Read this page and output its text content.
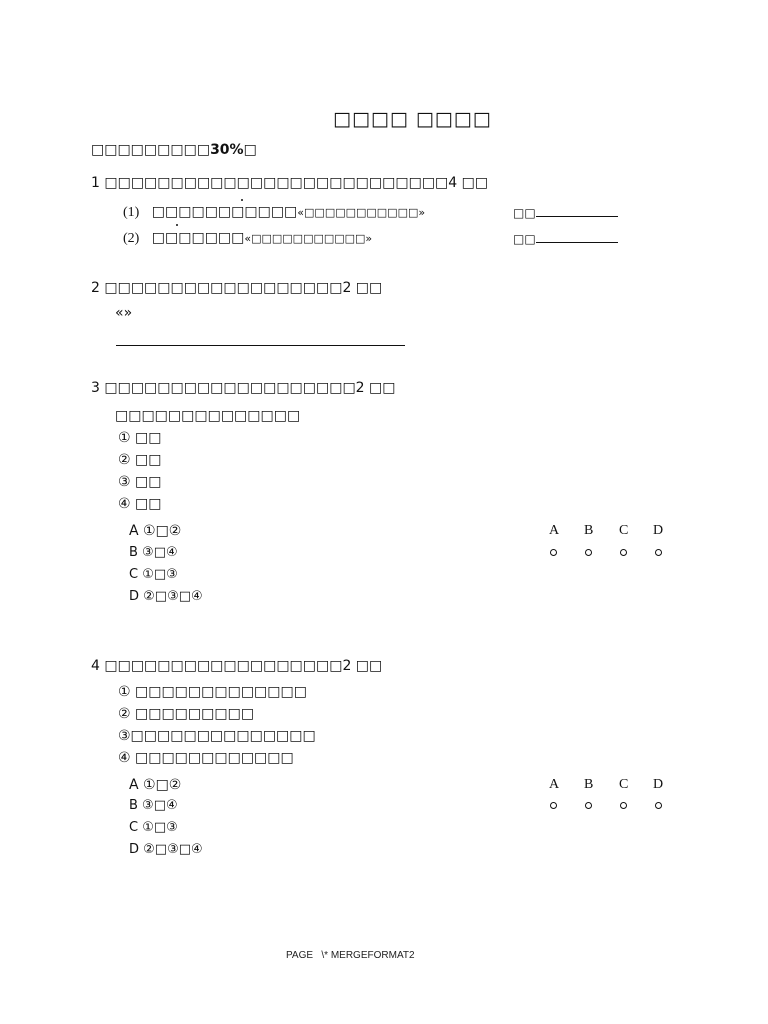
□□□□ □□□□
□□□□□□□□□30%□
1 □□□□□□□□□□□□□□□□□□□□□□□□□□4 □□
(1) □□□□□□□□□□□«□□□□□□□□□□□»	□□
(2) □□□□□□□«□□□□□□□□□□□»	□□
2 □□□□□□□□□□□□□□□□□□2 □□
«»
3 □□□□□□□□□□□□□□□□□□□2 □□
□□□□□□□□□□□□□□
① □□
② □□
③ □□
④ □□
A ①□②
B ③□④
C ①□③
D ②□③□④
A B C D
4 □□□□□□□□□□□□□□□□□□2 □□
① □□□□□□□□□□□□□
② □□□□□□□□□
③□□□□□□□□□□□□□□
④ □□□□□□□□□□□□
A ①□②
B ③□④
C ①□③
D ②□③□④
A B C D
PAGE   \* MERGEFORMAT2
